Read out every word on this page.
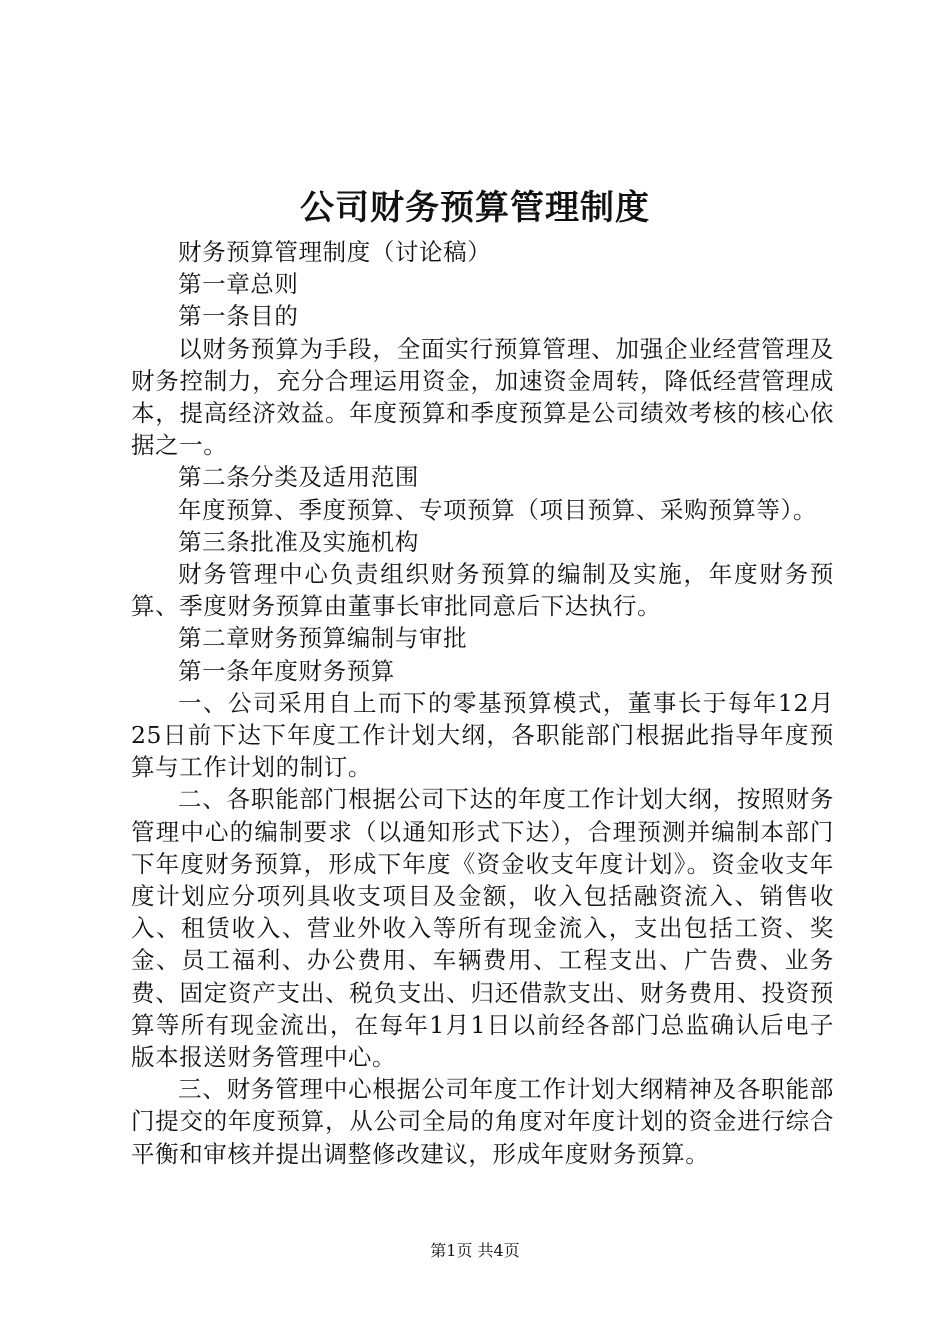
公司财务预算管理制度

财务预算管理制度（讨论稿）

第一章总则

第一条目的

以财务预算为手段，全面实行预算管理、加强企业经营管理及财务控制力，充分合理运用资金，加速资金周转，降低经营管理成本，提高经济效益。年度预算和季度预算是公司绩效考核的核心依据之一。

第二条分类及适用范围

年度预算、季度预算、专项预算（项目预算、采购预算等）。

第三条批准及实施机构

财务管理中心负责组织财务预算的编制及实施，年度财务预算、季度财务预算由董事长审批同意后下达执行。

第二章财务预算编制与审批

第一条年度财务预算

一、公司采用自上而下的零基预算模式，董事长于每年12月25日前下达下年度工作计划大纲，各职能部门根据此指导年度预算与工作计划的制订。

二、各职能部门根据公司下达的年度工作计划大纲，按照财务管理中心的编制要求（以通知形式下达），合理预测并编制本部门下年度财务预算，形成下年度《资金收支年度计划》。资金收支年度计划应分项列具收支项目及金额，收入包括融资流入、销售收入、租赁收入、营业外收入等所有现金流入，支出包括工资、奖金、员工福利、办公费用、车辆费用、工程支出、广告费、业务费、固定资产支出、税负支出、归还借款支出、财务费用、投资预算等所有现金流出，在每年1月1日以前经各部门总监确认后电子版本报送财务管理中心。

三、财务管理中心根据公司年度工作计划大纲精神及各职能部门提交的年度预算，从公司全局的角度对年度计划的资金进行综合平衡和审核并提出调整修改建议，形成年度财务预算。

第1页 共4页
